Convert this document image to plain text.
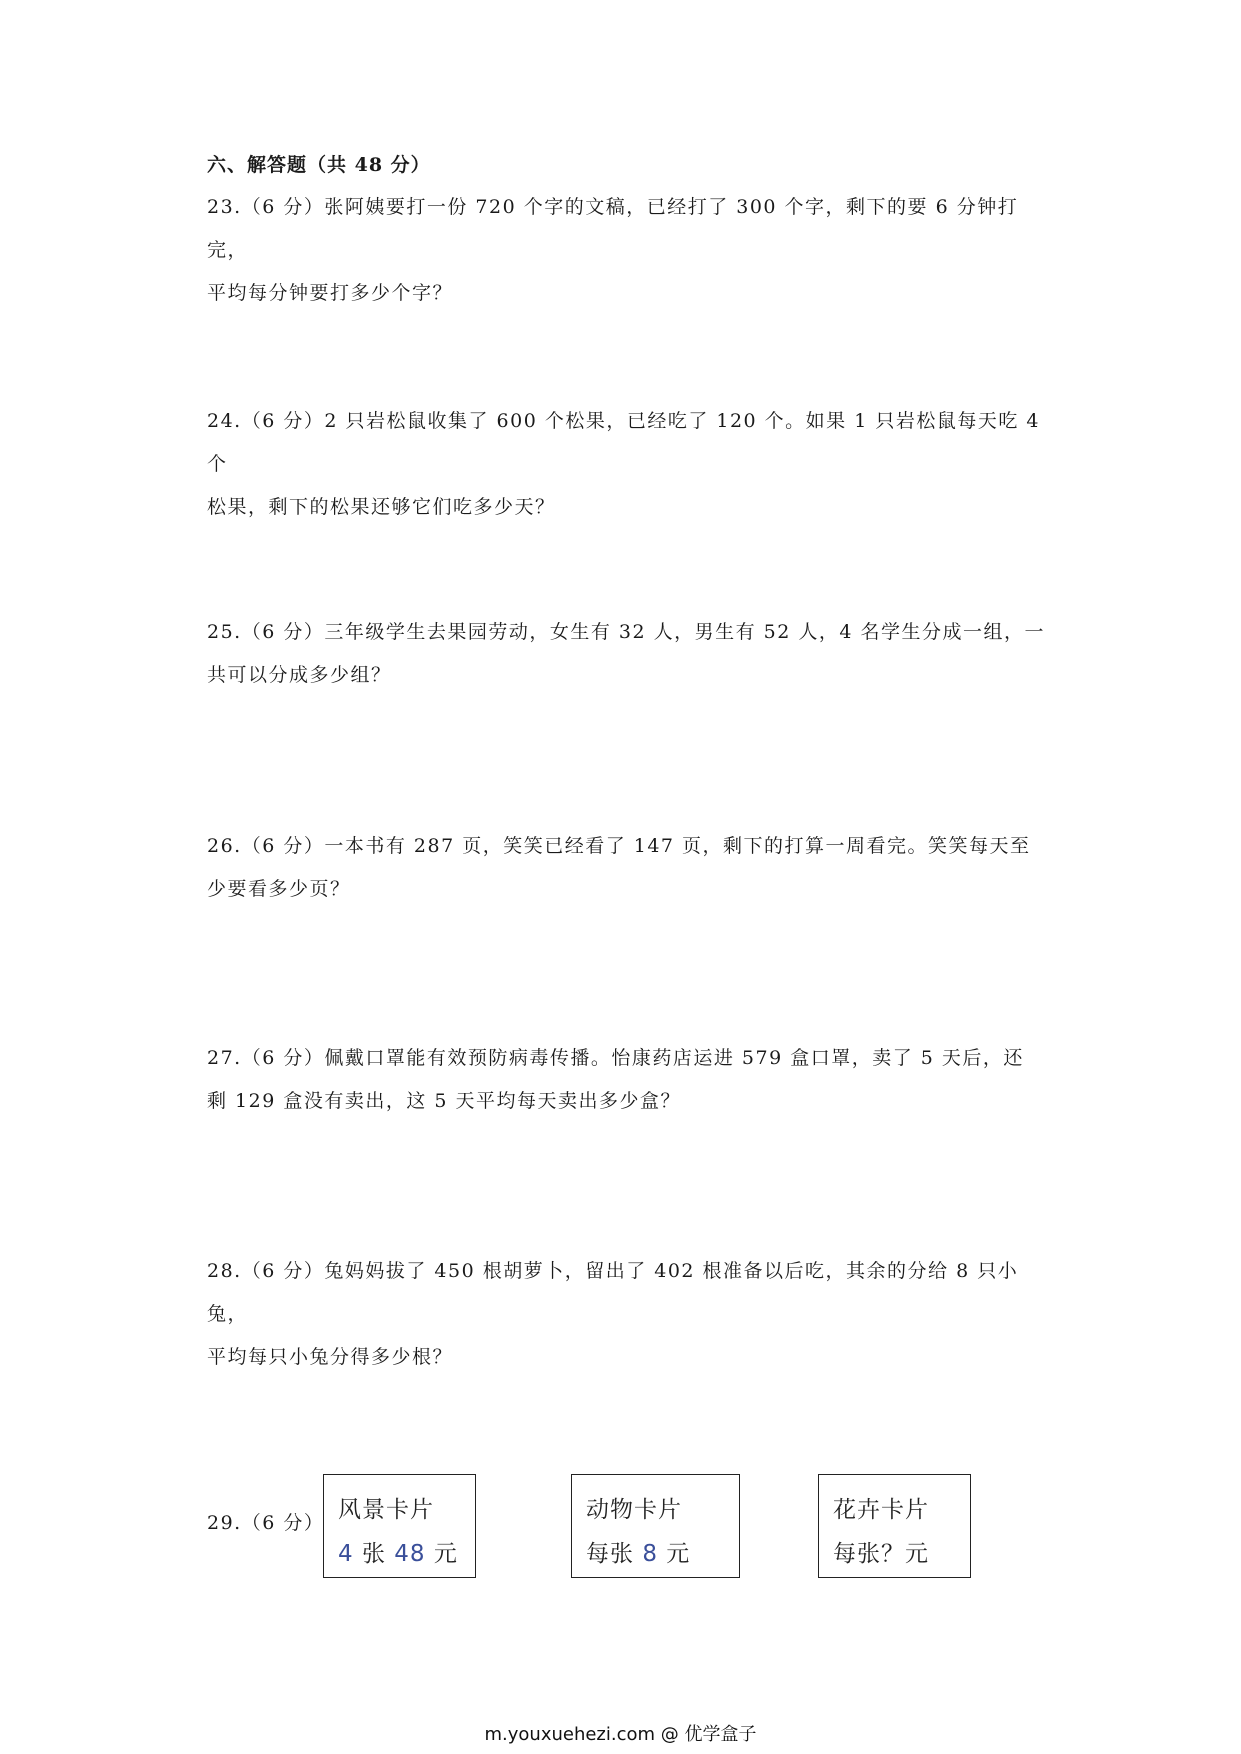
六、解答题（共 48 分）
23.（6 分）张阿姨要打一份 720 个字的文稿，已经打了 300 个字，剩下的要 6 分钟打完，
平均每分钟要打多少个字？
24.（6 分）2 只岩松鼠收集了 600 个松果，已经吃了 120 个。如果 1 只岩松鼠每天吃 4 个
松果，剩下的松果还够它们吃多少天？
25.（6 分）三年级学生去果园劳动，女生有 32 人，男生有 52 人，4 名学生分成一组，一
共可以分成多少组？
26.（6 分）一本书有 287 页，笑笑已经看了 147 页，剩下的打算一周看完。笑笑每天至
少要看多少页？
27.（6 分）佩戴口罩能有效预防病毒传播。怡康药店运进 579 盒口罩，卖了 5 天后，还
剩 129 盒没有卖出，这 5 天平均每天卖出多少盒？
28.（6 分）兔妈妈拔了 450 根胡萝卜，留出了 402 根准备以后吃，其余的分给 8 只小兔，
平均每只小兔分得多少根？
29.（6 分） 风景卡片
4 张 48 元
动物卡片
每张 8 元
花卉卡片
每张？元
m.youxuehezi.com @ 优学盒子
